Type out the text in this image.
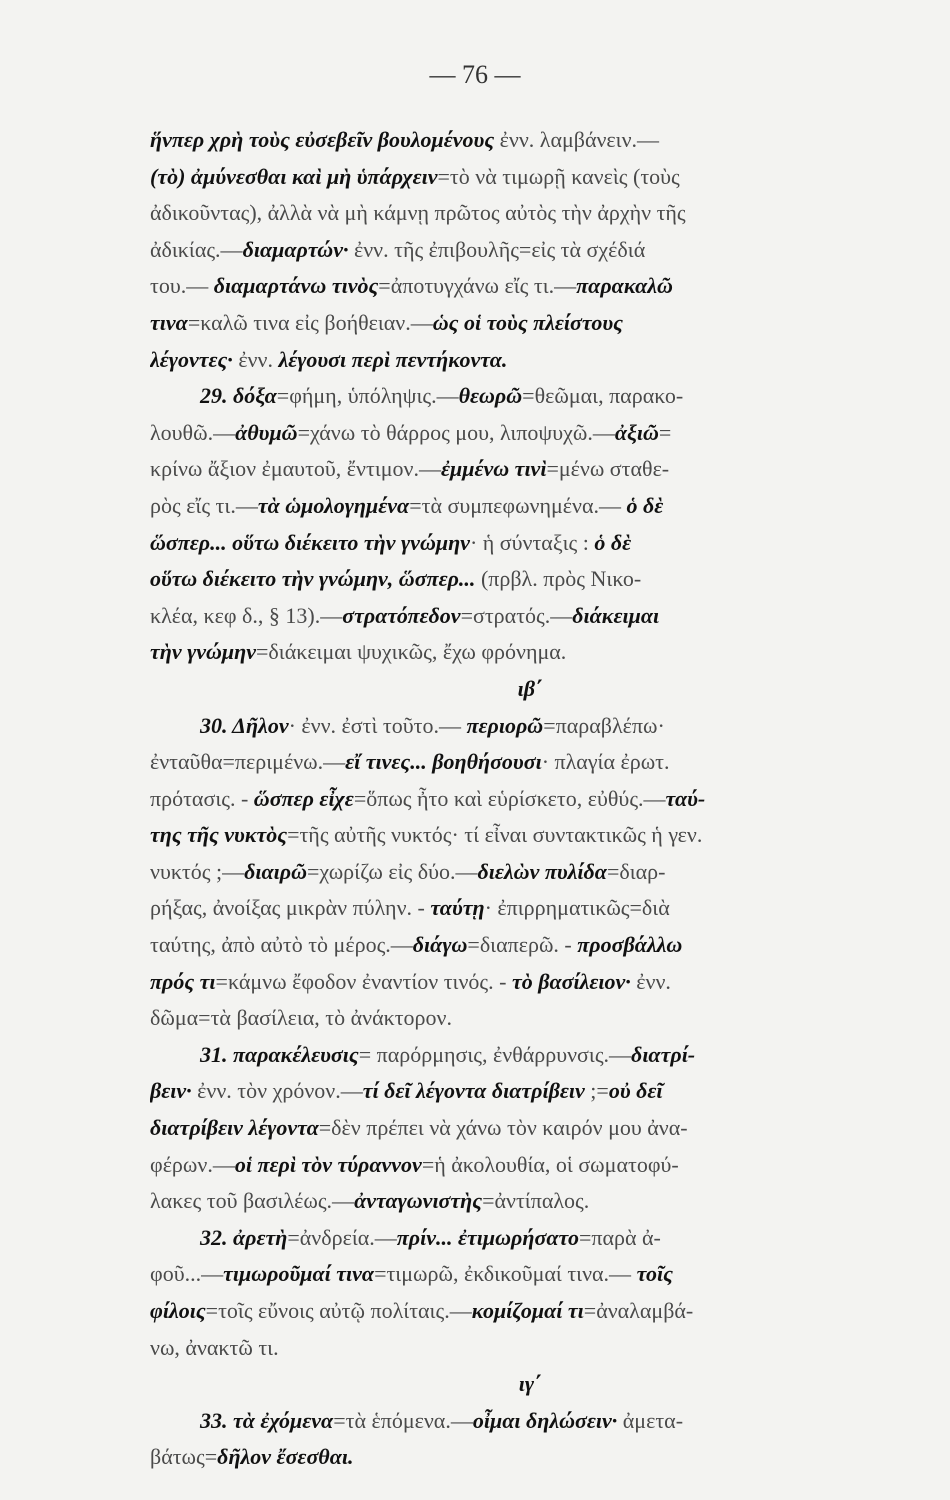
— 76 —
ἥνπερ χρὴ τοὺς εὐσεβεῖν βουλομένους ἐνν. λαμβάνειν.—
(τὸ) ἀμύνεσθαι καὶ μὴ ὑπάρχειν=τὸ νὰ τιμωρῇ κανεὶς (τοὺς
ἀδικοῦντας), ἀλλὰ νὰ μὴ κάμνῃ πρῶτος αὐτὸς τὴν ἀρχὴν τῆς
ἀδικίας.—διαμαρτών· ἐνν. τῆς ἐπιβουλῆς=εἰς τὰ σχέδιά
του.— διαμαρτάνω τινὸς=ἀποτυγχάνω εἴς τι.—παρακαλῶ
τινα=καλῶ τινα εἰς βοήθειαν.—ὡς οἱ τοὺς πλείστους
λέγοντες· ἐνν. λέγουσι περὶ πεντήκοντα.
29. δόξα=φήμη, ὑπόληψις.—θεωρῶ=θεῶμαι, παρακο-
λουθῶ.—ἀθυμῶ=χάνω τὸ θάρρος μου, λιποψυχῶ.—ἀξιῶ=
κρίνω ἄξιον ἐμαυτοῦ, ἔντιμον.—ἐμμένω τινὶ=μένω σταθε-
ρὸς εἴς τι.—τὰ ὡμολογημένα=τὰ συμπεφωνημένα.— ὁ δὲ
ὥσπερ... οὕτω διέκειτο τὴν γνώμην· ἡ σύνταξις : ὁ δὲ
οὕτω διέκειτο τὴν γνώμην, ὥσπερ... (πρβλ. πρὸς Νικο-
κλέα, κεφ δ., § 13).—στρατόπεδον=στρατός.—διάκειμαι
τὴν γνώμην=διάκειμαι ψυχικῶς, ἔχω φρόνημα.
ιβ΄
30. Δῆλον· ἐνν. ἐστὶ τοῦτο.— περιορῶ=παραβλέπω·
ἐνταῦθα=περιμένω.—εἴ τινες... βοηθήσουσι· πλαγία ἐρωτ.
πρότασις. - ὥσπερ εἶχε=ὅπως ἦτο καὶ εὑρίσκετο, εὐθύς.—ταύ-
της τῆς νυκτὸς=τῆς αὐτῆς νυκτός· τί εἶναι συντακτικῶς ἡ γεν.
νυκτός ;—διαιρῶ=χωρίζω εἰς δύο.—διελὼν πυλίδα=διαρ-
ρήξας, ἀνοίξας μικρὰν πύλην. - ταύτῃ· ἐπιρρηματικῶς=διὰ
ταύτης, ἀπὸ αὐτὸ τὸ μέρος.—διάγω=διαπερῶ. - προσβάλλω
πρός τι=κάμνω ἔφοδον ἐναντίον τινός. - τὸ βασίλειον· ἐνν.
δῶμα=τὰ βασίλεια, τὸ ἀνάκτορον.
31. παρακέλευσις= παρόρμησις, ἐνθάρρυνσις.—διατρί-
βειν· ἐνν. τὸν χρόνον.—τί δεῖ λέγοντα διατρίβειν ;=οὐ δεῖ
διατρίβειν λέγοντα=δὲν πρέπει νὰ χάνω τὸν καιρόν μου ἀνα-
φέρων.—οἱ περὶ τὸν τύραννον=ἡ ἀκολουθία, οἱ σωματοφύ-
λακες τοῦ βασιλέως.—ἀνταγωνιστὴς=ἀντίπαλος.
32. ἀρετὴ=ἀνδρεία.—πρίν... ἐτιμωρήσατο=παρὰ ἀ-
φοῦ...—τιμωροῦμαί τινα=τιμωρῶ, ἐκδικοῦμαί τινα.— τοῖς
φίλοις=τοῖς εὔνοις αὐτῷ πολίταις.—κομίζομαί τι=ἀναλαμβά-
νω, ἀνακτῶ τι.
ιγ΄
33. τὰ ἐχόμενα=τὰ ἑπόμενα.—οἶμαι δηλώσειν· ἀμετα-
βάτως=δῆλον ἔσεσθαι.
